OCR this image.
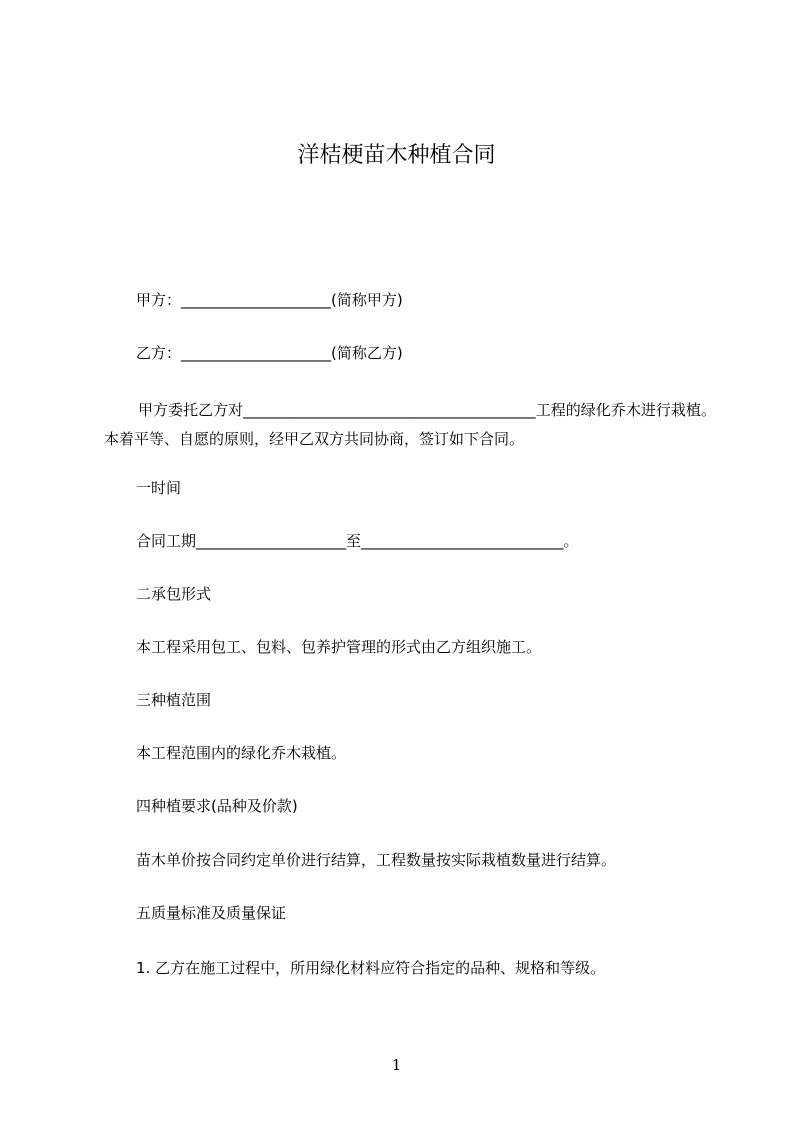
洋桔梗苗木种植合同
甲方：____________________(简称甲方)
乙方：____________________(简称乙方)
甲方委托乙方对_______________________________________工程的绿化乔木进行栽植。本着平等、自愿的原则，经甲乙双方共同协商，签订如下合同。
一时间
合同工期____________________至___________________________。
二承包形式
本工程采用包工、包料、包养护管理的形式由乙方组织施工。
三种植范围
本工程范围内的绿化乔木栽植。
四种植要求(品种及价款)
苗木单价按合同约定单价进行结算，工程数量按实际栽植数量进行结算。
五质量标准及质量保证
1. 乙方在施工过程中，所用绿化材料应符合指定的品种、规格和等级。
1
